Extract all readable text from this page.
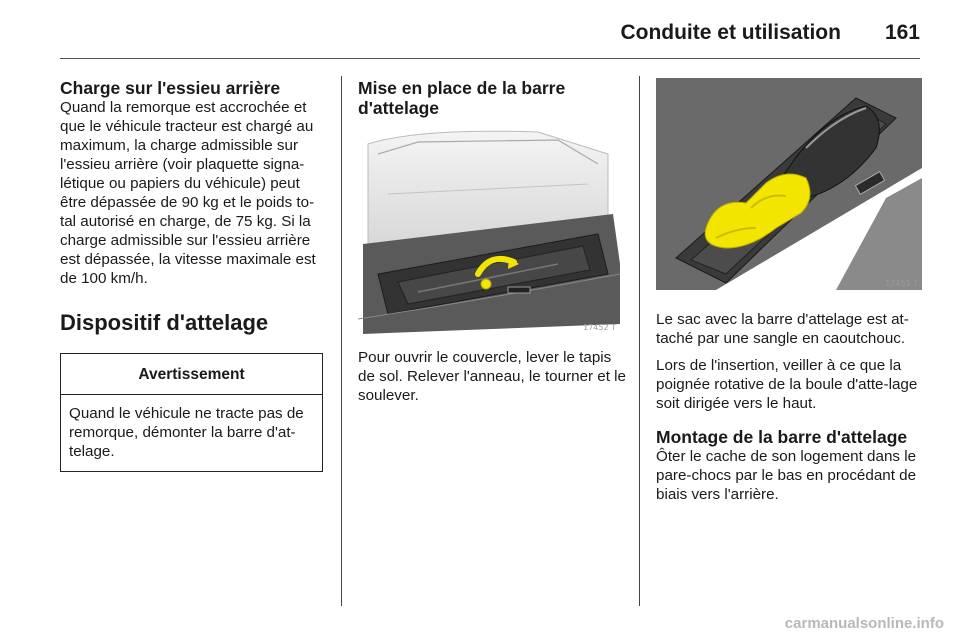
Conduite et utilisation 161
Charge sur l'essieu arrière

Quand la remorque est accrochée et que le véhicule tracteur est chargé au maximum, la charge admissible sur l'essieu arrière (voir plaquette signa-létique ou papiers du véhicule) peut être dépassée de 90 kg et le poids to-tal autorisé en charge, de 75 kg. Si la charge admissible sur l'essieu arrière est dépassée, la vitesse maximale est de 100 km/h.

Dispositif d'attelage
Avertissement

Quand le véhicule ne tracte pas de remorque, démonter la barre d'at-telage.

Mise en place de la barre d'attelage
17452 T

Pour ouvrir le couvercle, lever le tapis de sol. Relever l'anneau, le tourner et le soulever.

17451 T

Le sac avec la barre d'attelage est at-taché par une sangle en caoutchouc.

Lors de l'insertion, veiller à ce que la poignée rotative de la boule d'atte-lage soit dirigée vers le haut.

Montage de la barre d'attelage

Ôter le cache de son logement dans le pare-chocs par le bas en procédant de biais vers l'arrière.

carmanualsonline.info
